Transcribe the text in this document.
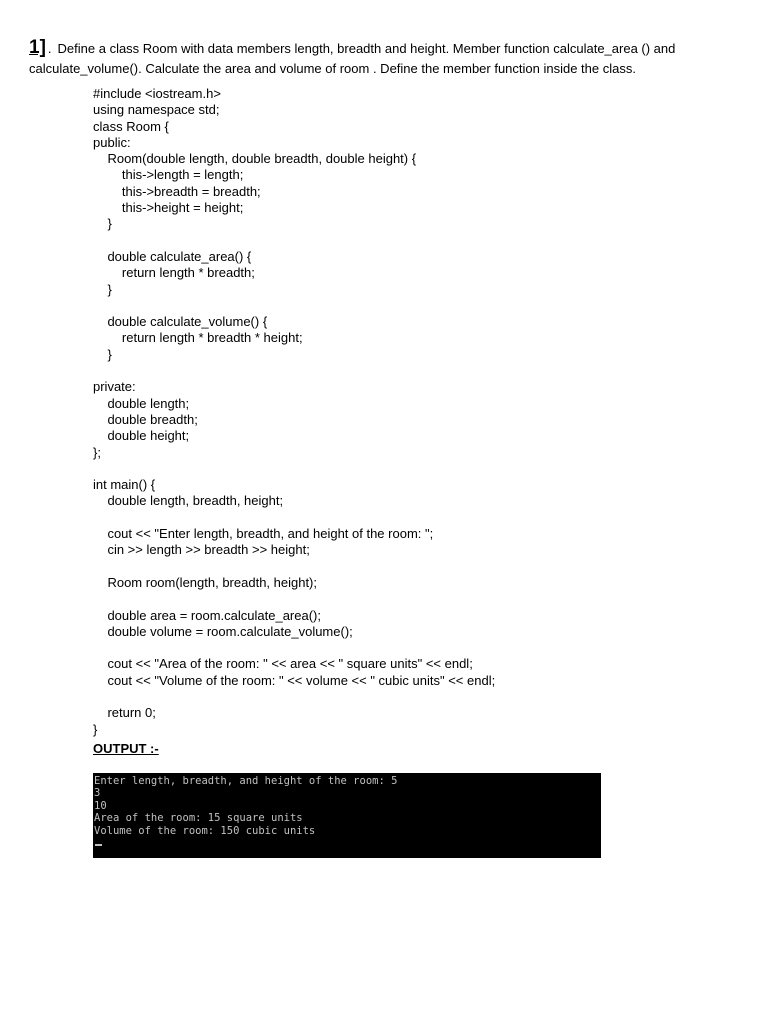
1] . Define a class Room with data members length, breadth and height. Member function calculate_area () and calculate_volume(). Calculate the area and volume of room . Define the member function inside the class.
#include <iostream.h>
using namespace std;
class Room {
public:
Room(double length, double breadth, double height) {
this->length = length;
this->breadth = breadth;
this->height = height;
}

double calculate_area() {
return length * breadth;
}

double calculate_volume() {
return length * breadth * height;
}

private:
double length;
double breadth;
double height;
};

int main() {
double length, breadth, height;

cout << "Enter length, breadth, and height of the room: ";
cin >> length >> breadth >> height;

Room room(length, breadth, height);

double area = room.calculate_area();
double volume = room.calculate_volume();

cout << "Area of the room: " << area << " square units" << endl;
cout << "Volume of the room: " << volume << " cubic units" << endl;

return 0;
}

OUTPUT :-
Enter length, breadth, and height of the room: 5
3
10
Area of the room: 15 square units
Volume of the room: 150 cubic units
